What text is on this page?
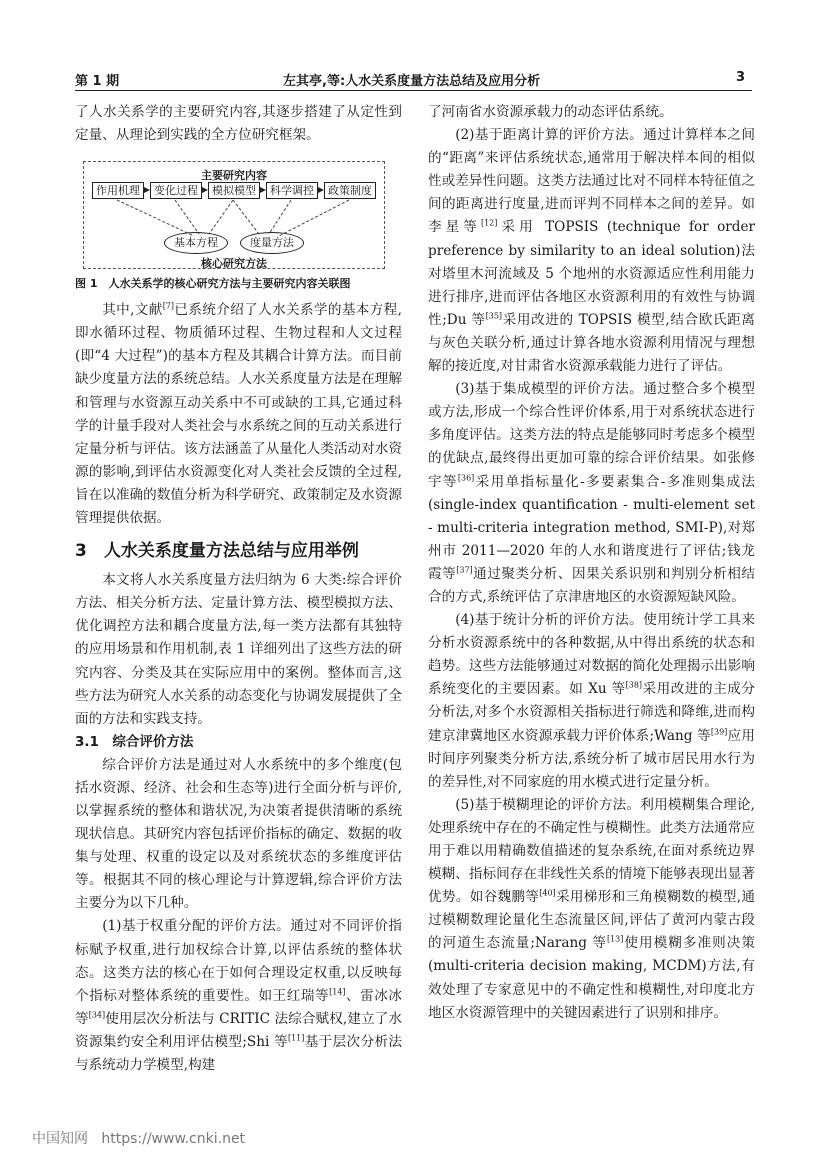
第 1 期	左其亭,等:人水关系度量方法总结及应用分析	3

了人水关系学的主要研究内容,其逐步搭建了从定性到定量、从理论到实践的全方位研究框架。

主要研究内容
作用机理	变化过程	模拟模型	科学调控	政策制度
基本方程	度量方法
核心研究方法
图 1　 人水关系学的核心研究方法与主要研究内容关联图

其中,文献[7]已系统介绍了人水关系学的基本方程,即水循环过程、物质循环过程、生物过程和人文过程(即“4 大过程”)的基本方程及其耦合计算方法。而目前缺少度量方法的系统总结。人水关系度量方法是在理解和管理与水资源互动关系中不可或缺的工具,它通过科学的计量手段对人类社会与水系统之间的互动关系进行定量分析与评估。该方法涵盖了从量化人类活动对水资源的影响,到评估水资源变化对人类社会反馈的全过程,旨在以准确的数值分析为科学研究、政策制定及水资源管理提供依据。

3　人水关系度量方法总结与应用举例

本文将人水关系度量方法归纳为 6 大类:综合评价方法、相关分析方法、定量计算方法、模型模拟方法、优化调控方法和耦合度量方法,每一类方法都有其独特的应用场景和作用机制,表 1 详细列出了这些方法的研究内容、分类及其在实际应用中的案例。整体而言,这些方法为研究人水关系的动态变化与协调发展提供了全面的方法和实践支持。

3.1　综合评价方法

综合评价方法是通过对人水系统中的多个维度(包括水资源、经济、社会和生态等)进行全面分析与评价,以掌握系统的整体和谐状况,为决策者提供清晰的系统现状信息。其研究内容包括评价指标的确定、数据的收集与处理、权重的设定以及对系统状态的多维度评估等。根据其不同的核心理论与计算逻辑,综合评价方法主要分为以下几种。

(1)基于权重分配的评价方法。通过对不同评价指标赋予权重,进行加权综合计算,以评估系统的整体状态。这类方法的核心在于如何合理设定权重,以反映每个指标对整体系统的重要性。如王红瑞等[14]、雷冰冰等[34]使用层次分析法与 CRITIC 法综合赋权,建立了水资源集约安全利用评估模型;Shi 等[11]基于层次分析法与系统动力学模型,构建

了河南省水资源承载力的动态评估系统。

(2)基于距离计算的评价方法。通过计算样本之间的“距离”来评估系统状态,通常用于解决样本间的相似性或差异性问题。这类方法通过比对不同样本特征值之间的距离进行度量,进而评判不同样本之间的差异。如李星等[12]采用 TOPSIS (technique for order preference by similarity to an ideal solution)法对塔里木河流域及 5 个地州的水资源适应性利用能力进行排序,进而评估各地区水资源利用的有效性与协调性;Du 等[35]采用改进的 TOPSIS 模型,结合欧氏距离与灰色关联分析,通过计算各地水资源利用情况与理想解的接近度,对甘肃省水资源承载能力进行了评估。

(3)基于集成模型的评价方法。通过整合多个模型或方法,形成一个综合性评价体系,用于对系统状态进行多角度评估。这类方法的特点是能够同时考虑多个模型的优缺点,最终得出更加可靠的综合评价结果。如张修宇等[36]采用单指标量化-多要素集合-多准则集成法(single-index quantification - multi-element set - multi-criteria integration method, SMI-P),对郑州市 2011—2020 年的人水和谐度进行了评估;钱龙霞等[37]通过聚类分析、因果关系识别和判别分析相结合的方式,系统评估了京津唐地区的水资源短缺风险。

(4)基于统计分析的评价方法。使用统计学工具来分析水资源系统中的各种数据,从中得出系统的状态和趋势。这些方法能够通过对数据的简化处理揭示出影响系统变化的主要因素。如 Xu 等[38]采用改进的主成分分析法,对多个水资源相关指标进行筛选和降维,进而构建京津冀地区水资源承载力评价体系;Wang 等[39]应用时间序列聚类分析方法,系统分析了城市居民用水行为的差异性,对不同家庭的用水模式进行定量分析。

(5)基于模糊理论的评价方法。利用模糊集合理论,处理系统中存在的不确定性与模糊性。此类方法通常应用于难以用精确数值描述的复杂系统,在面对系统边界模糊、指标间存在非线性关系的情境下能够表现出显著优势。如谷魏鹏等[40]采用梯形和三角模糊数的模型,通过模糊数理论量化生态流量区间,评估了黄河内蒙古段的河道生态流量;Narang 等[13]使用模糊多准则决策(multi-criteria decision making, MCDM)方法,有效处理了专家意见中的不确定性和模糊性,对印度北方地区水资源管理中的关键因素进行了识别和排序。

中国知网 https://www.cnki.net
